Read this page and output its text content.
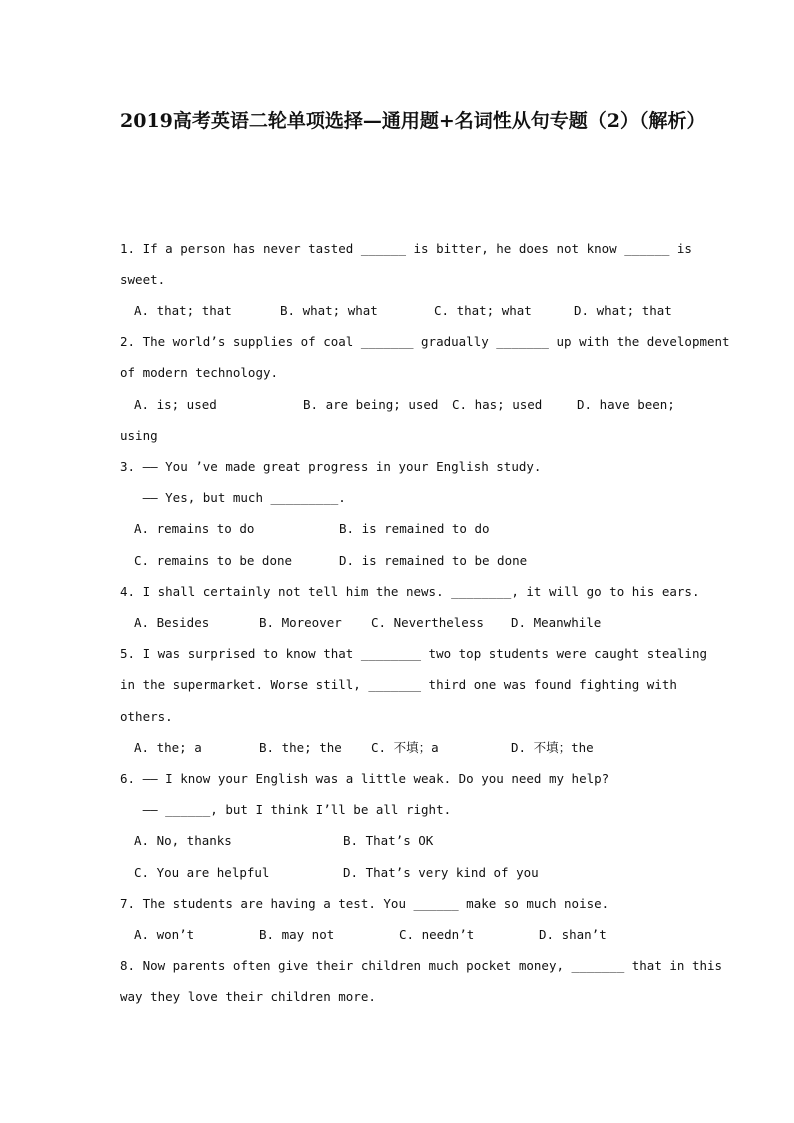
2019高考英语二轮单项选择—通用题+名词性从句专题（2）（解析）
1. If a person has never tasted ______ is bitter, he does not know ______ is
sweet.
A. that; that	B. what; what	C. that; what	D. what; that
2. The world’s supplies of coal _______ gradually _______ up with the development
of modern technology.
A. is; used	B. are being; used C. has; used	D. have been;
using
3. —— You ’ve made great progress in your English study.
—— Yes, but much _________.
A. remains to do	B. is remained to do
C. remains to be done	D. is remained to be done
4. I shall certainly not tell him the news. ________, it will go to his ears.
A. Besides	B. Moreover C. Nevertheless D. Meanwhile
5. I was surprised to know that ________ two top students were caught stealing
in the supermarket. Worse still, _______ third one was found fighting with
others.
A. the; a	B. the; the C. 不填；a	D. 不填；the
6. —— I know your English was a little weak. Do you need my help?
—— ______, but I think I’ll be all right.
A. No, thanks	B. That’s OK
C. You are helpful	D. That’s very kind of you
7. The students are having a test. You ______ make so much noise.
A. won’t	B. may not	C. needn’t	D. shan’t
8. Now parents often give their children much pocket money, _______ that in this
way they love their children more.
